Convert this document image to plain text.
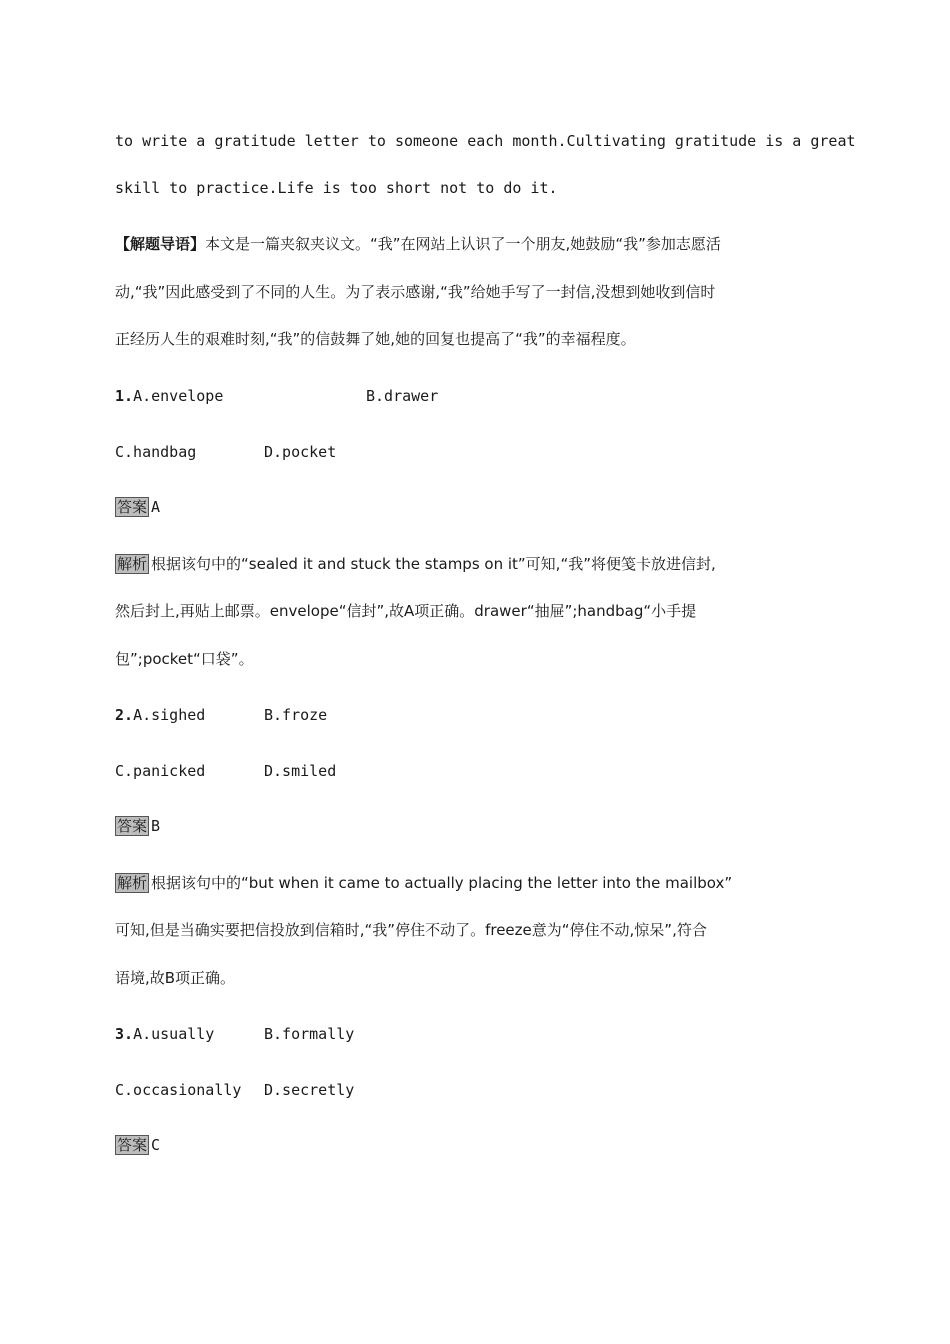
to write a gratitude letter to someone each month.Cultivating gratitude is a great

skill to practice.Life is too short not to do it.

【解题导语】本文是一篇夹叙夹议文。“我”在网站上认识了一个朋友,她鼓励“我”参加志愿活

动,“我”因此感受到了不同的人生。为了表示感谢,“我”给她手写了一封信,没想到她收到信时

正经历人生的艰难时刻,“我”的信鼓舞了她,她的回复也提高了“我”的幸福程度。

1.A.envelope	B.drawer

C.handbag	D.pocket

答案 A

解析 根据该句中的“sealed it and stuck the stamps on it”可知,“我”将便笺卡放进信封,

然后封上,再贴上邮票。envelope“信封”,故A项正确。drawer“抽屉”;handbag“小手提

包”;pocket“口袋”。

2.A.sighed	B.froze

C.panicked	D.smiled

答案 B

解析 根据该句中的“but when it came to actually placing the letter into the mailbox”

可知,但是当确实要把信投放到信箱时,“我”停住不动了。freeze意为“停住不动,惊呆”,符合

语境,故B项正确。

3.A.usually	B.formally

C.occasionally D.secretly

答案 C
